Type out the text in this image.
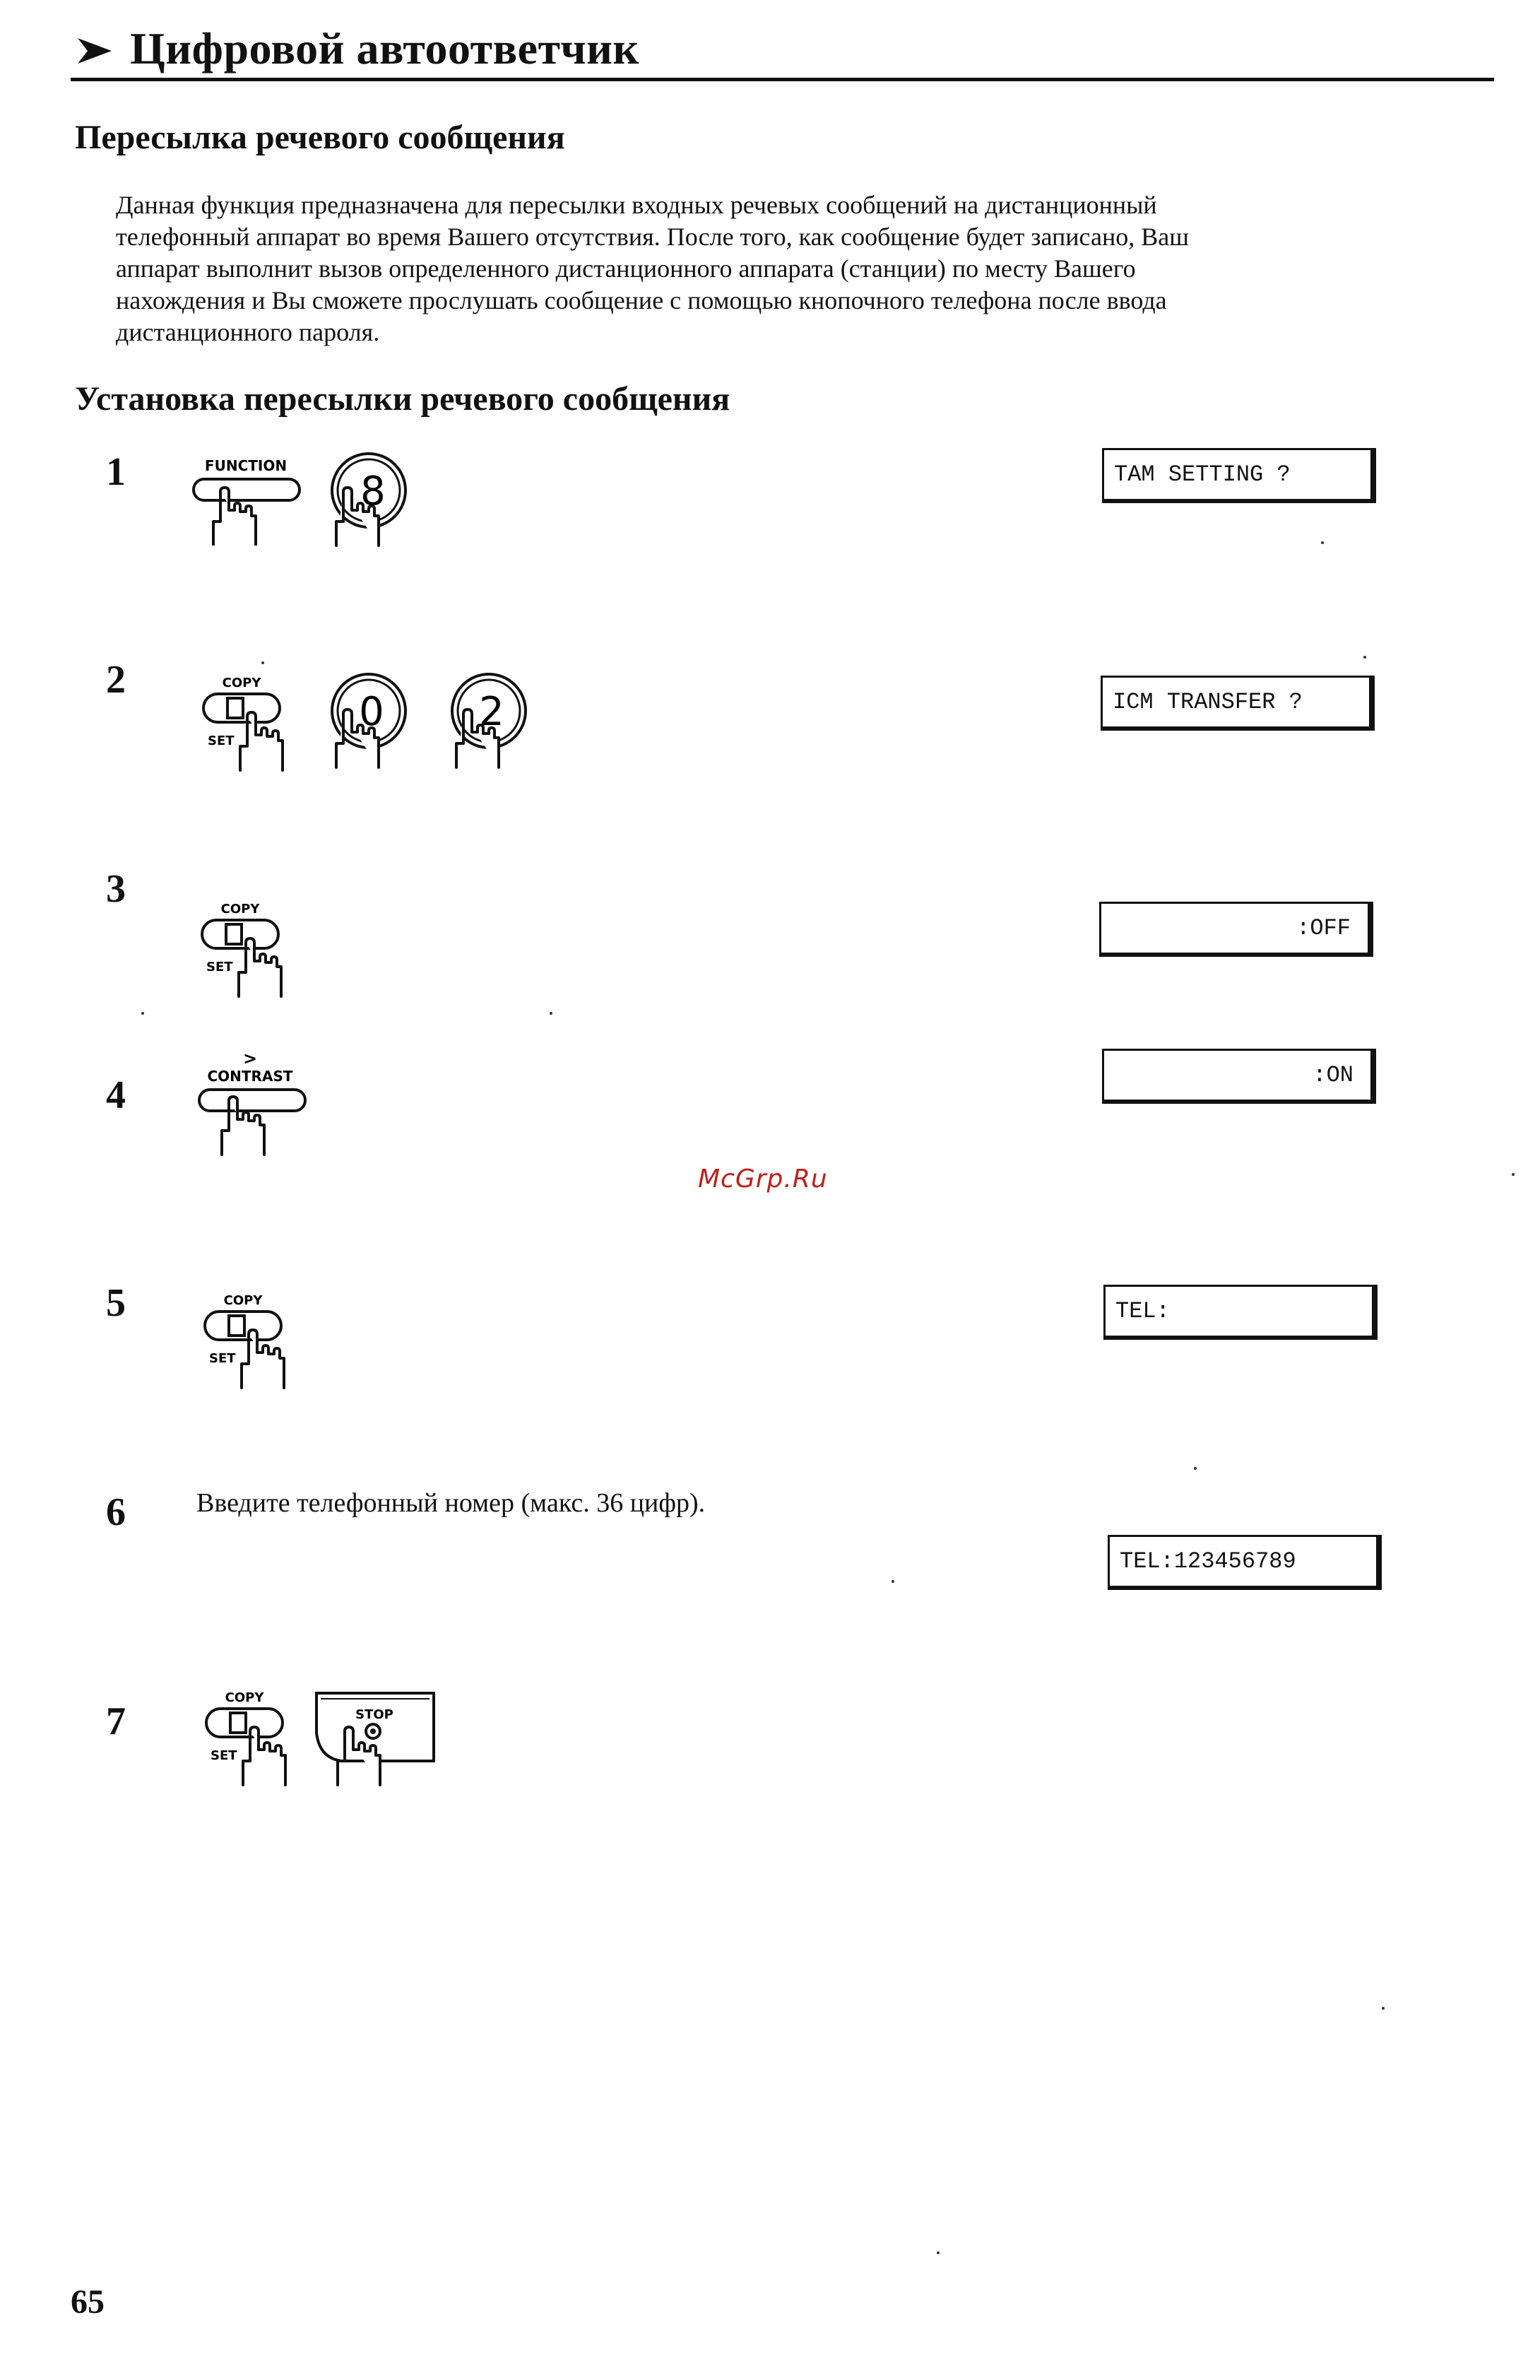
Цифровой автоответчик
Пересылка речевого сообщения
Данная функция предназначена для пересылки входных речевых сообщений на дистанционный
телефонный аппарат во время Вашего отсутствия. После того, как сообщение будет записано, Ваш
аппарат выполнит вызов определенного дистанционного аппарата (станции) по месту Вашего
нахождения и Вы сможете прослушать сообщение с помощью кнопочного телефона после ввода
дистанционного пароля.
Установка пересылки речевого сообщения
1	FUNCTION
8	TAM SETTING ?
2	COPY
SET
0 2	ICM TRANSFER ?
3	COPY
SET
:OFF
4
>
CONTRAST	:ON
McGrp.Ru
5	COPY
SET
TEL:
6	Введите телефонный номер (макс. 36 цифр).
TEL:123456789
7
COPY
SET
STOP
65
